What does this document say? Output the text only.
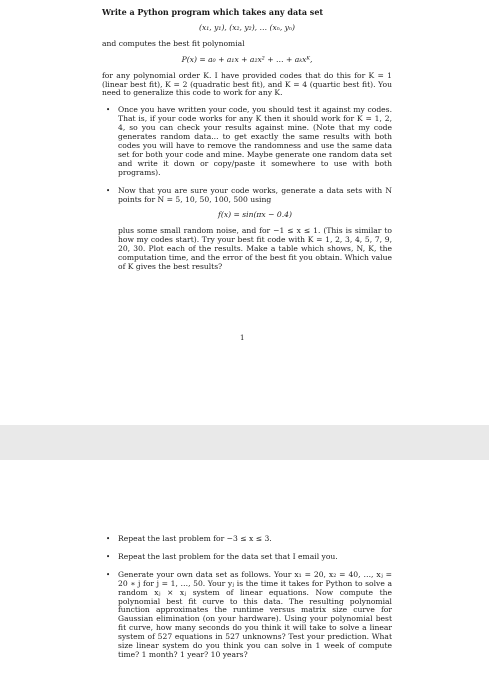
Write a Python program which takes any data set
(x₁, y₁), (x₂, y₂), … (xₙ, yₙ)

and computes the best fit polynomial

P(x) = a₀ + a₁x + a₂x² + … + aₖxᴷ,

for any polynomial order K. I have provided codes that do this for K = 1 (linear best fit), K = 2 (quadratic best fit), and K = 4 (quartic best fit). You need to generalize this code to work for any K.

• Once you have written your code, you should test it against my codes. That is, if your code works for any K then it should work for K = 1, 2, 4, so you can check your results against mine. (Note that my code generates random data... to get exactly the same results with both codes you will have to remove the randomness and use the same data set for both your code and mine. Maybe generate one random data set and write it down or copy/paste it somewhere to use with both programs).
• Now that you are sure your code works, generate a data sets with N points for N = 5, 10, 50, 100, 500 using
f(x) = sin(πx − 0.4)
plus some small random noise, and for −1 ≤ x ≤ 1. (This is similar to how my codes start). Try your best fit code with K = 1, 2, 3, 4, 5, 7, 9, 20, 30. Plot each of the results. Make a table which shows, N, K, the computation time, and the error of the best fit you obtain. Which value of K gives the best results?
1
• Repeat the last problem for −3 ≤ x ≤ 3.
• Repeat the last problem for the data set that I email you.
• Generate your own data set as follows. Your x₁ = 20, x₂ = 40, …, xⱼ = 20 ∗ j for j = 1, …, 50. Your yⱼ is the time it takes for Python to solve a random xⱼ × xⱼ system of linear equations. Now compute the polynomial best fit curve to this data. The resulting polynomial function approximates the runtime versus matrix size curve for Gaussian elimination (on your hardware). Using your polynomial best fit curve, how many seconds do you think it will take to solve a linear system of 527 equations in 527 unknowns? Test your prediction. What size linear system do you think you can solve in 1 week of compute time? 1 month? 1 year? 10 years?
